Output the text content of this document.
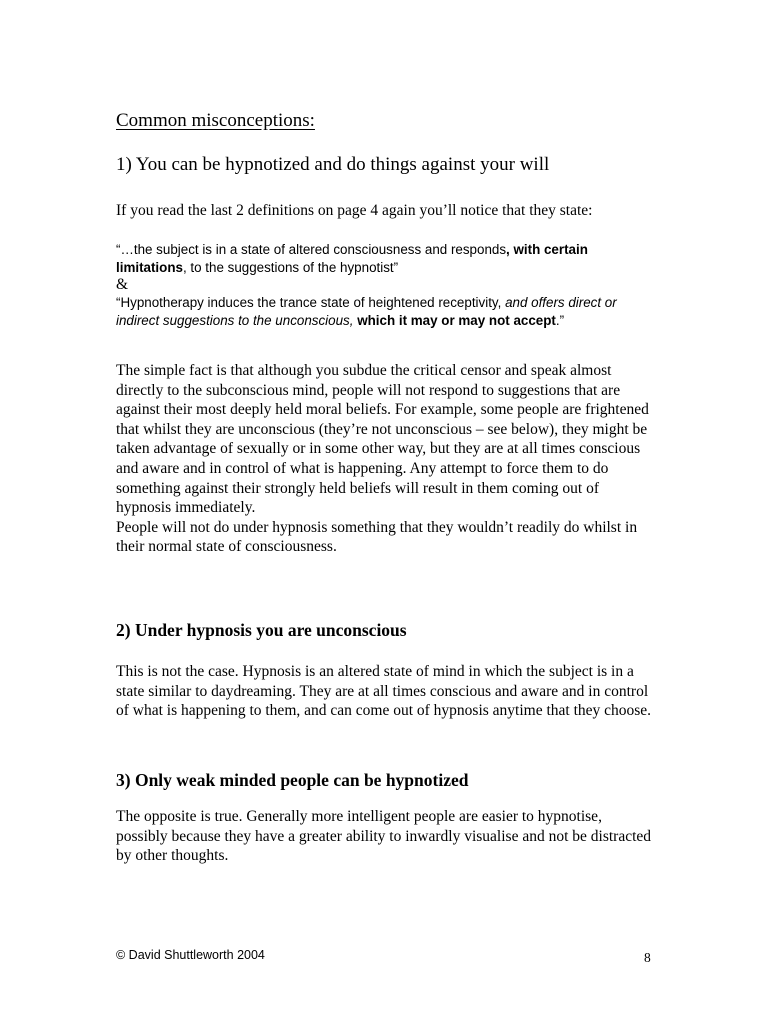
Common misconceptions:
1) You can be hypnotized and do things against your will
If you read the last 2 definitions on page 4 again you’ll notice that they state:
“…the subject is in a state of altered consciousness and responds, with certain limitations, to the suggestions of the hypnotist”
&
“Hypnotherapy induces the trance state of heightened receptivity, and offers direct or indirect suggestions to the unconscious, which it may or may not accept.”
The simple fact is that although you subdue the critical censor and speak almost directly to the subconscious mind, people will not respond to suggestions that are against their most deeply held moral beliefs. For example, some people are frightened that whilst they are unconscious (they’re not unconscious – see below), they might be taken advantage of sexually or in some other way, but they are at all times conscious and aware and in control of what is happening. Any attempt to force them to do something against their strongly held beliefs will result in them coming out of hypnosis immediately.
People will not do under hypnosis something that they wouldn’t readily do whilst in their normal state of consciousness.
2) Under hypnosis you are unconscious
This is not the case. Hypnosis is an altered state of mind in which the subject is in a state similar to daydreaming. They are at all times conscious and aware and in control of what is happening to them, and can come out of hypnosis anytime that they choose.
3) Only weak minded people can be hypnotized
The opposite is true. Generally more intelligent people are easier to hypnotise, possibly because they have a greater ability to inwardly visualise and not be distracted by other thoughts.
© David Shuttleworth 2004	8
